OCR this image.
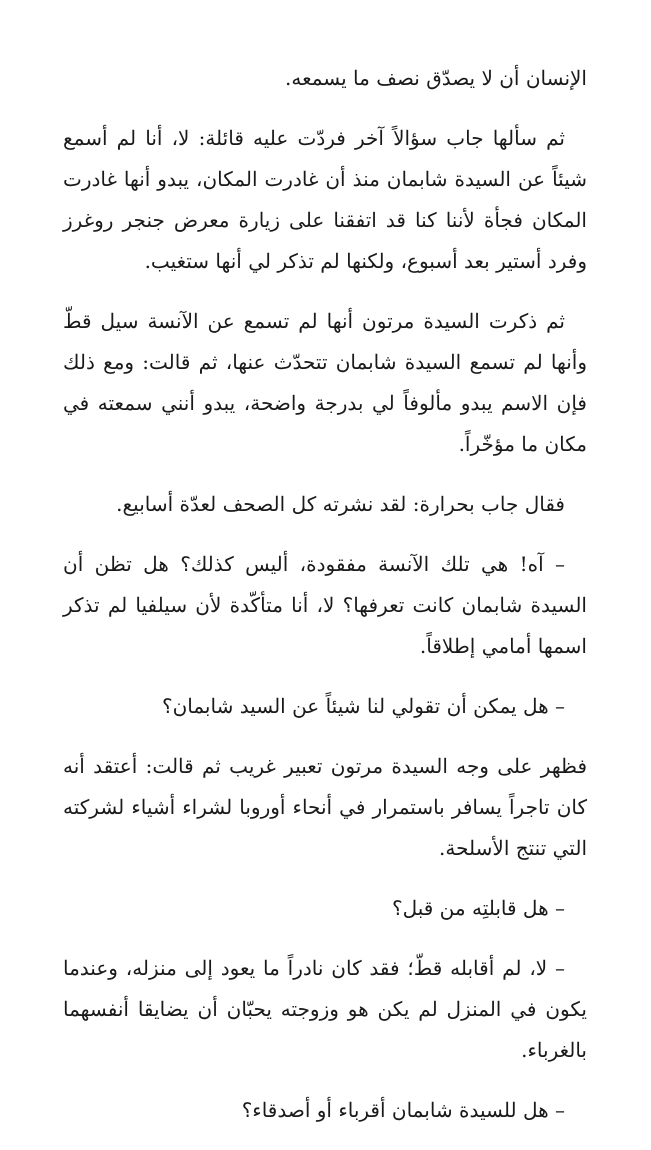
الإنسان أن لا يصدّق نصف ما يسمعه.

ثم سألها جاب سؤالاً آخر فردّت عليه قائلة: لا، أنا لم أسمع شيئاً عن السيدة شابمان منذ أن غادرت المكان، يبدو أنها غادرت المكان فجأة لأننا كنا قد اتفقنا على زيارة معرض جنجر روغرز وفرد أستير بعد أسبوع، ولكنها لم تذكر لي أنها ستغيب.

ثم ذكرت السيدة مرتون أنها لم تسمع عن الآنسة سيل قطّ وأنها لم تسمع السيدة شابمان تتحدّث عنها، ثم قالت: ومع ذلك فإن الاسم يبدو مألوفاً لي بدرجة واضحة، يبدو أنني سمعته في مكان ما مؤخّراً.

فقال جاب بحرارة: لقد نشرته كل الصحف لعدّة أسابيع.

– آه! هي تلك الآنسة مفقودة، أليس كذلك؟ هل تظن أن السيدة شابمان كانت تعرفها؟ لا، أنا متأكّدة لأن سيلفيا لم تذكر اسمها أمامي إطلاقاً.

– هل يمكن أن تقولي لنا شيئاً عن السيد شابمان؟

فظهر على وجه السيدة مرتون تعبير غريب ثم قالت: أعتقد أنه كان تاجراً يسافر باستمرار في أنحاء أوروبا لشراء أشياء لشركته التي تنتج الأسلحة.

– هل قابلتِه من قبل؟

– لا، لم أقابله قطّ؛ فقد كان نادراً ما يعود إلى منزله، وعندما يكون في المنزل لم يكن هو وزوجته يحبّان أن يضايقا أنفسهما بالغرباء.

– هل للسيدة شابمان أقرباء أو أصدقاء؟
